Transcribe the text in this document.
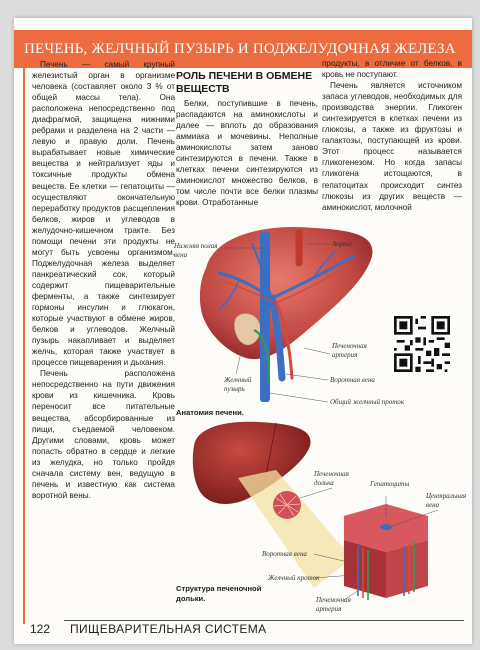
ПЕЧЕНЬ, ЖЕЛЧНЫЙ ПУЗЫРЬ И ПОДЖЕЛУДОЧНАЯ ЖЕЛЕЗА

Печень — самый крупный железистый орган в организме человека (составляет около 3 % от общей массы тела). Она расположена непосредственно под диафрагмой, защищена нижними ребрами и разделена на 2 части — левую и правую доли. Печень вырабатывает новые химические вещества и нейтрализует яды и токсичные продукты обмена веществ. Ее клетки — гепатоциты — осуществляют окончательную переработку продуктов расщепления белков, жиров и углеводов в желудочно-кишечном тракте. Без помощи печени эти продукты не могут быть усвоены организмом. Поджелудочная железа выделяет панкреатический сок, который содержит пищеварительные ферменты, а также синтезирует гормоны инсулин и глюкагон, которые участвуют в обмене жиров, белков и углеводов. Желчный пузырь накапливает и выделяет желчь, которая также участвует в процессе пищеварения и дыхания.

Печень расположена непосредственно на пути движения крови из кишечника. Кровь переносит все питательные вещества, абсорбированные из пищи, съедаемой человеком. Другими словами, кровь может попасть обратно в сердце и легкие из желудка, но только пройдя сначала систему вен, ведущую в печень и известную как система воротной вены.

РОЛЬ ПЕЧЕНИ В ОБМЕНЕ ВЕЩЕСТВ

Белки, поступившие в печень, распадаются на аминокислоты и далее — вплоть до образования аммиака и мочевины. Неполные аминокислоты затем заново синтезируются в печени. Также в клетках печени синтезируются из аминокислот множество белков, в том числе почти все белки плазмы крови. Отработанные

продукты, в отличие от белков, в кровь не поступают.

Печень является источником запаса углеводов, необходимых для производства энергии. Гликоген синтезируется в клетках печени из глюкозы, а также из фруктозы и галактозы, поступающей из крови. Этот процесс называется гликогенезом. Но когда запасы гликогена истощаются, в гепатоцитах происходит синтез глюкозы из других веществ — аминокислот, молочной

Нижняя полая вена
Аорта
Печеночная артерия
Желчный пузырь
Воротная вена
Общий желчный проток
Анатомия печени.
Печеночная долька	Гепатоциты
Центральная вена
Воротная вена
Желчный проток
Печеночная артерия
Структура печеночной дольки.
122 ПИЩЕВАРИТЕЛЬНАЯ СИСТЕМА
